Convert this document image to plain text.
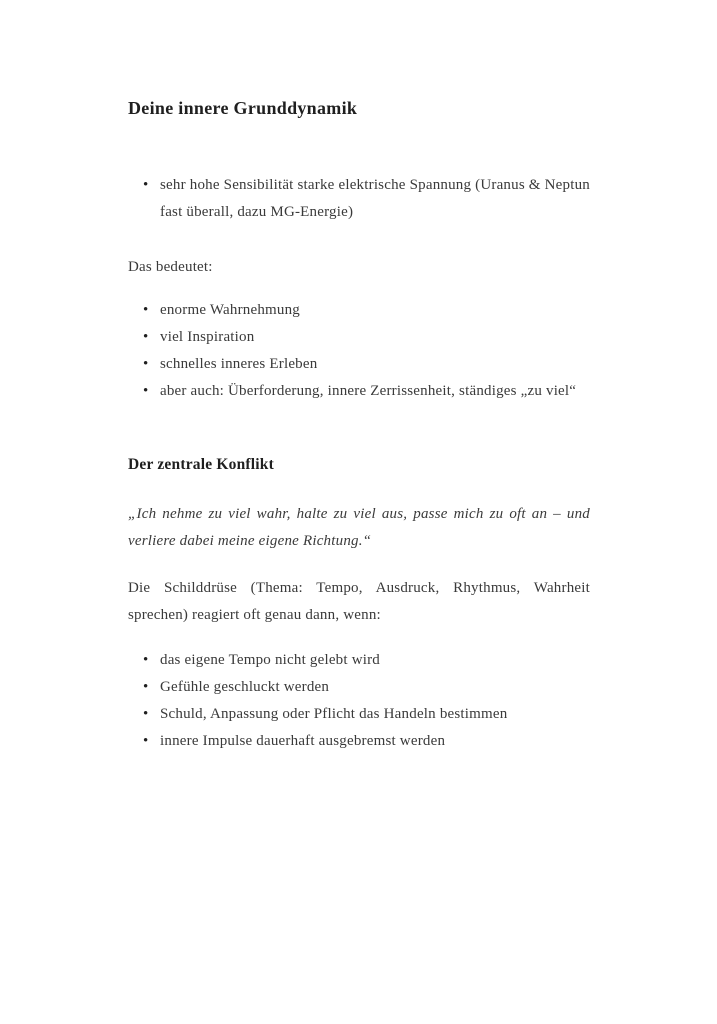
Deine innere Grunddynamik
• sehr hohe Sensibilität starke elektrische Spannung (Uranus & Neptun fast überall, dazu MG-Energie)

Das bedeutet:

• enorme Wahrnehmung
• viel Inspiration
• schnelles inneres Erleben
• aber auch: Überforderung, innere Zerrissenheit, ständiges „zu viel“
Der zentrale Konflikt

„Ich nehme zu viel wahr, halte zu viel aus, passe mich zu oft an – und verliere dabei meine eigene Richtung.“

Die Schilddrüse (Thema: Tempo, Ausdruck, Rhythmus, Wahrheit sprechen) reagiert oft genau dann, wenn:

• das eigene Tempo nicht gelebt wird
• Gefühle geschluckt werden
• Schuld, Anpassung oder Pflicht das Handeln bestimmen
• innere Impulse dauerhaft ausgebremst werden
